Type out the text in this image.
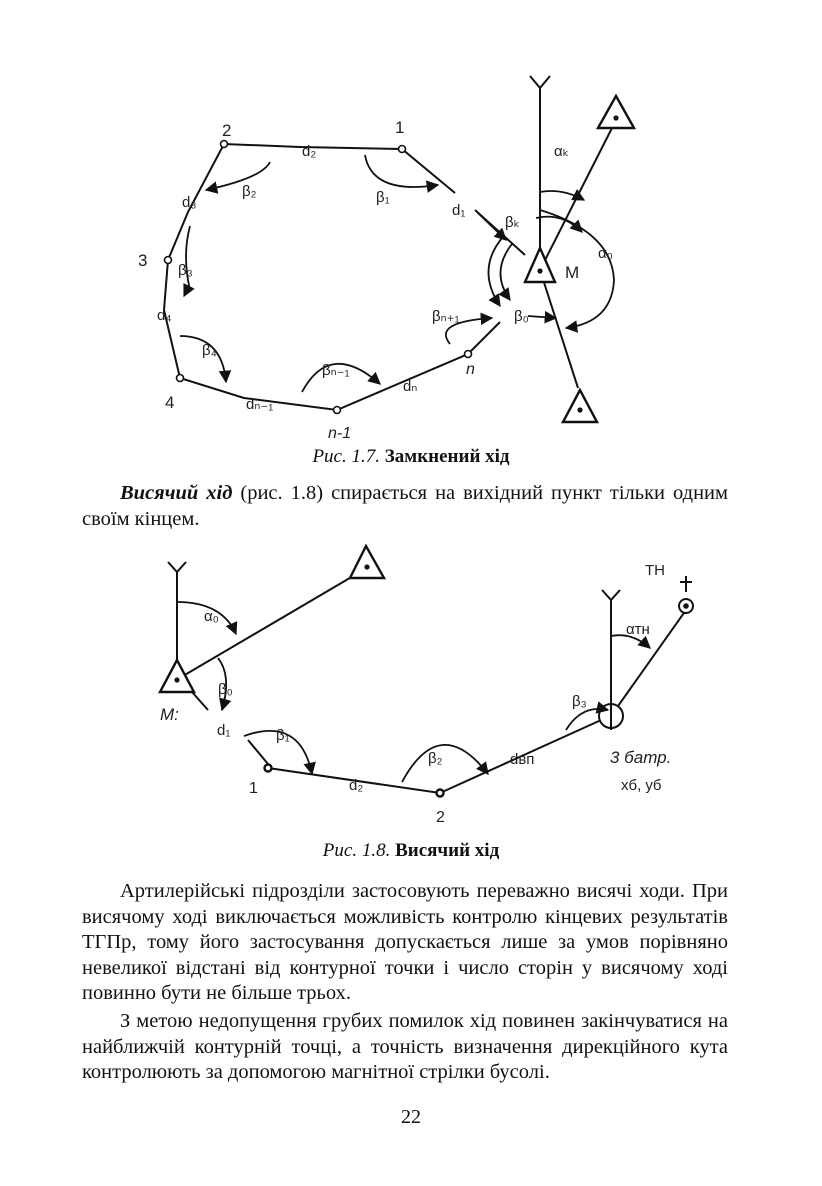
1
2
3
4
n
n-1
M
d₂
d₁
d₃
d₄
dₙ₋₁
dₙ
β₁
β₂
β₃
β₄
βₙ₋₁
βₙ₊₁	β₀
βₖ
αₖ
α₀
Рис. 1.7. Замкнений хід

Висячий хід (рис. 1.8) спирається на вихідний пункт тільки одним своїм кінцем.

M:
α₀
β₀
d₁	β₁
1	d₂
β₂
2
dвп
β₃
3 батр.
xб, yб
ТН
αтн
Рис. 1.8. Висячий хід

Артилерійські підрозділи застосовують переважно висячі ходи. При висячому ході виключається можливість контролю кінцевих результатів ТГПр, тому його застосування допускається лише за умов порівняно невеликої відстані від контурної точки і число сторін у висячому ході повинно бути не більше трьох.

З метою недопущення грубих помилок хід повинен закінчуватися на найближчій контурній точці, а точність визначення дирекційного кута контролюють за допомогою магнітної стрілки бусолі.

22
